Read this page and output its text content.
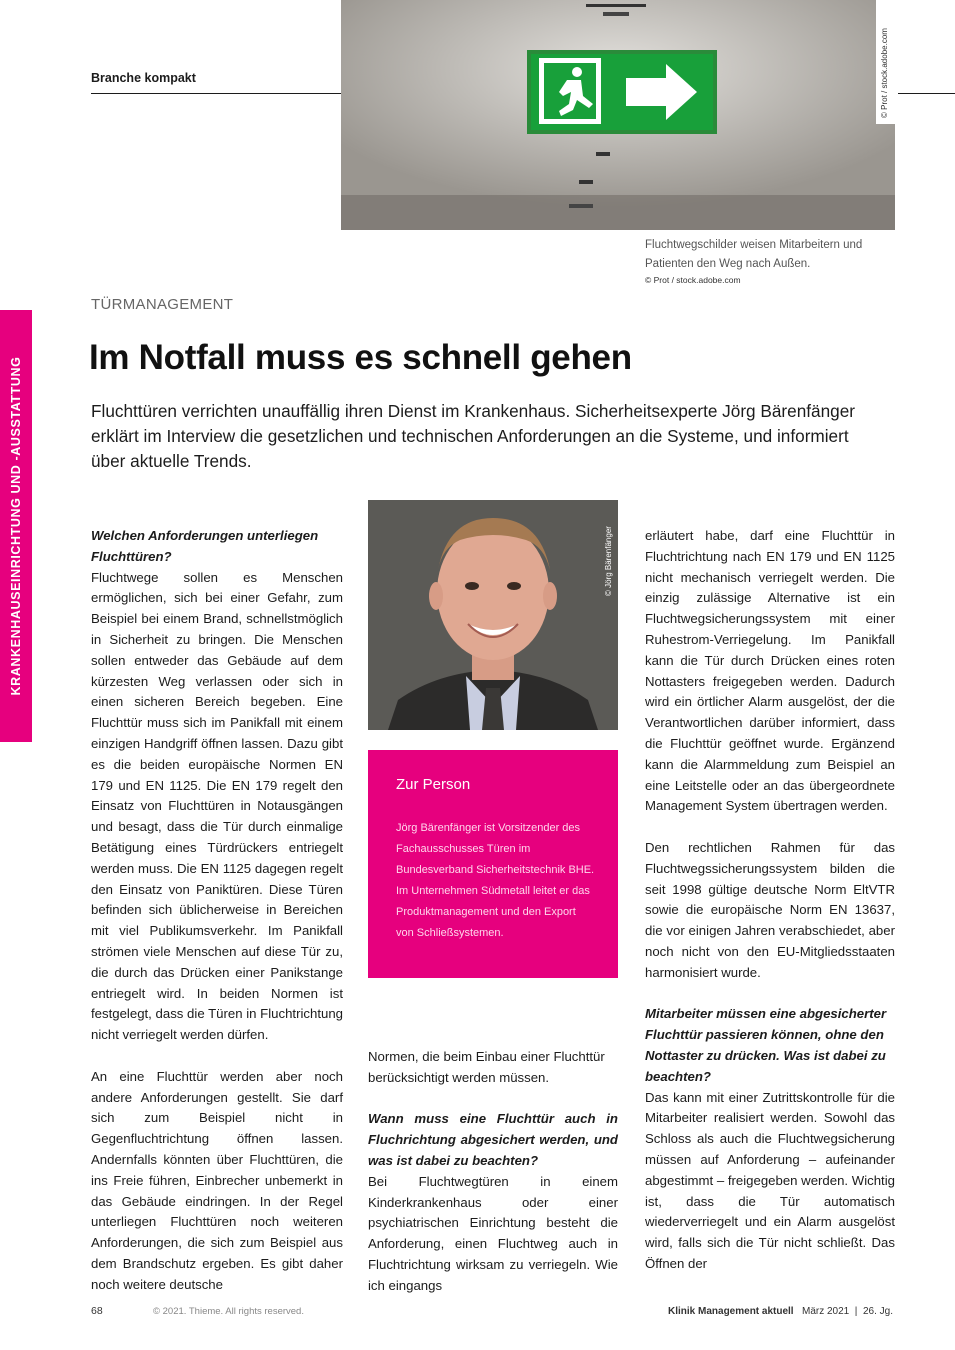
KRANKENHAUSEINRICHTUNG UND -AUSSTATTUNG
Branche kompakt	© Prot / stock.adobe.com
Fluchtwegschilder weisen Mitarbeitern und Patienten den Weg nach Außen.
© Prot / stock.adobe.com
TÜRMANAGEMENT
Im Notfall muss es schnell gehen
Fluchttüren verrichten unauffällig ihren Dienst im Krankenhaus. Sicherheitsexperte Jörg Bärenfänger erklärt im Interview die gesetzlichen und technischen Anforderungen an die Systeme, und informiert über aktuelle Trends.

Welchen Anforderungen unterliegen Fluchttüren?

Fluchtwege sollen es Menschen ermöglichen, sich bei einer Gefahr, zum Beispiel bei einem Brand, schnellstmöglich in Sicherheit zu bringen. Die Menschen sollen entweder das Gebäude auf dem kürzesten Weg verlassen oder sich in einen sicheren Bereich begeben. Eine Fluchttür muss sich im Panikfall mit einem einzigen Handgriff öffnen lassen. Dazu gibt es die beiden europäische Normen EN 179 und EN 1125. Die EN 179 regelt den Einsatz von Fluchttüren in Notausgängen und besagt, dass die Tür durch einmalige Betätigung eines Türdrückers entriegelt werden muss. Die EN 1125 dagegen regelt den Einsatz von Paniktüren. Diese Türen befinden sich üblicherweise in Bereichen mit viel Publikumsverkehr. Im Panikfall strömen viele Menschen auf diese Tür zu, die durch das Drücken einer Panikstange entriegelt wird. In beiden Normen ist festgelegt, dass die Türen in Fluchtrichtung nicht verriegelt werden dürfen.

An eine Fluchttür werden aber noch andere Anforderungen gestellt. Sie darf sich zum Beispiel nicht in Gegenfluchtrichtung öffnen lassen. Andernfalls könnten über Fluchttüren, die ins Freie führen, Einbrecher unbemerkt in das Gebäude eindringen. In der Regel unterliegen Fluchttüren noch weiteren Anforderungen, die sich zum Beispiel aus dem Brandschutz ergeben. Es gibt daher noch weitere deutsche

© Jörg Bärenfänger
Zur Person
Jörg Bärenfänger ist Vorsitzender des Fachausschusses Türen im Bundesverband Sicherheitstechnik BHE. Im Unternehmen Südmetall leitet er das Produktmanagement und den Export von Schließsystemen.

Normen, die beim Einbau einer Fluchttür berücksichtigt werden müssen.

Wann muss eine Fluchttür auch in Fluchrichtung abgesichert werden, und was ist dabei zu beachten?

Bei Fluchtwegtüren in einem Kinderkrankenhaus oder einer psychiatrischen Einrichtung besteht die Anforderung, einen Fluchtweg auch in Fluchtrichtung wirksam zu verriegeln. Wie ich eingangs

erläutert habe, darf eine Fluchttür in Fluchtrichtung nach EN 179 und EN 1125 nicht mechanisch verriegelt werden. Die einzig zulässige Alternative ist ein Fluchtwegsicherungssystem mit einer Ruhestrom-Verriegelung. Im Panikfall kann die Tür durch Drücken eines roten Nottasters freigegeben werden. Dadurch wird ein örtlicher Alarm ausgelöst, der die Verantwortlichen darüber informiert, dass die Fluchttür geöffnet wurde. Ergänzend kann die Alarmmeldung zum Beispiel an eine Leitstelle oder an das übergeordnete Management System übertragen werden.

Den rechtlichen Rahmen für das Fluchtwegssicherungssystem bilden die seit 1998 gültige deutsche Norm EltVTR sowie die europäische Norm EN 13637, die vor einigen Jahren verabschiedet, aber noch nicht von den EU-Mitgliedsstaaten harmonisiert wurde.

Mitarbeiter müssen eine abgesicherter Fluchttür passieren können, ohne den Nottaster zu drücken. Was ist dabei zu beachten?

Das kann mit einer Zutrittskontrolle für die Mitarbeiter realisiert werden. Sowohl das Schloss als auch die Fluchtwegsicherung müssen auf Anforderung – aufeinander abgestimmt – freigegeben werden. Wichtig ist, dass die Tür automatisch wiederverriegelt und ein Alarm ausgelöst wird, falls sich die Tür nicht schließt. Das Öffnen der

68	© 2021. Thieme. All rights reserved.	Klinik Management aktuell März 2021  |  26. Jg.
